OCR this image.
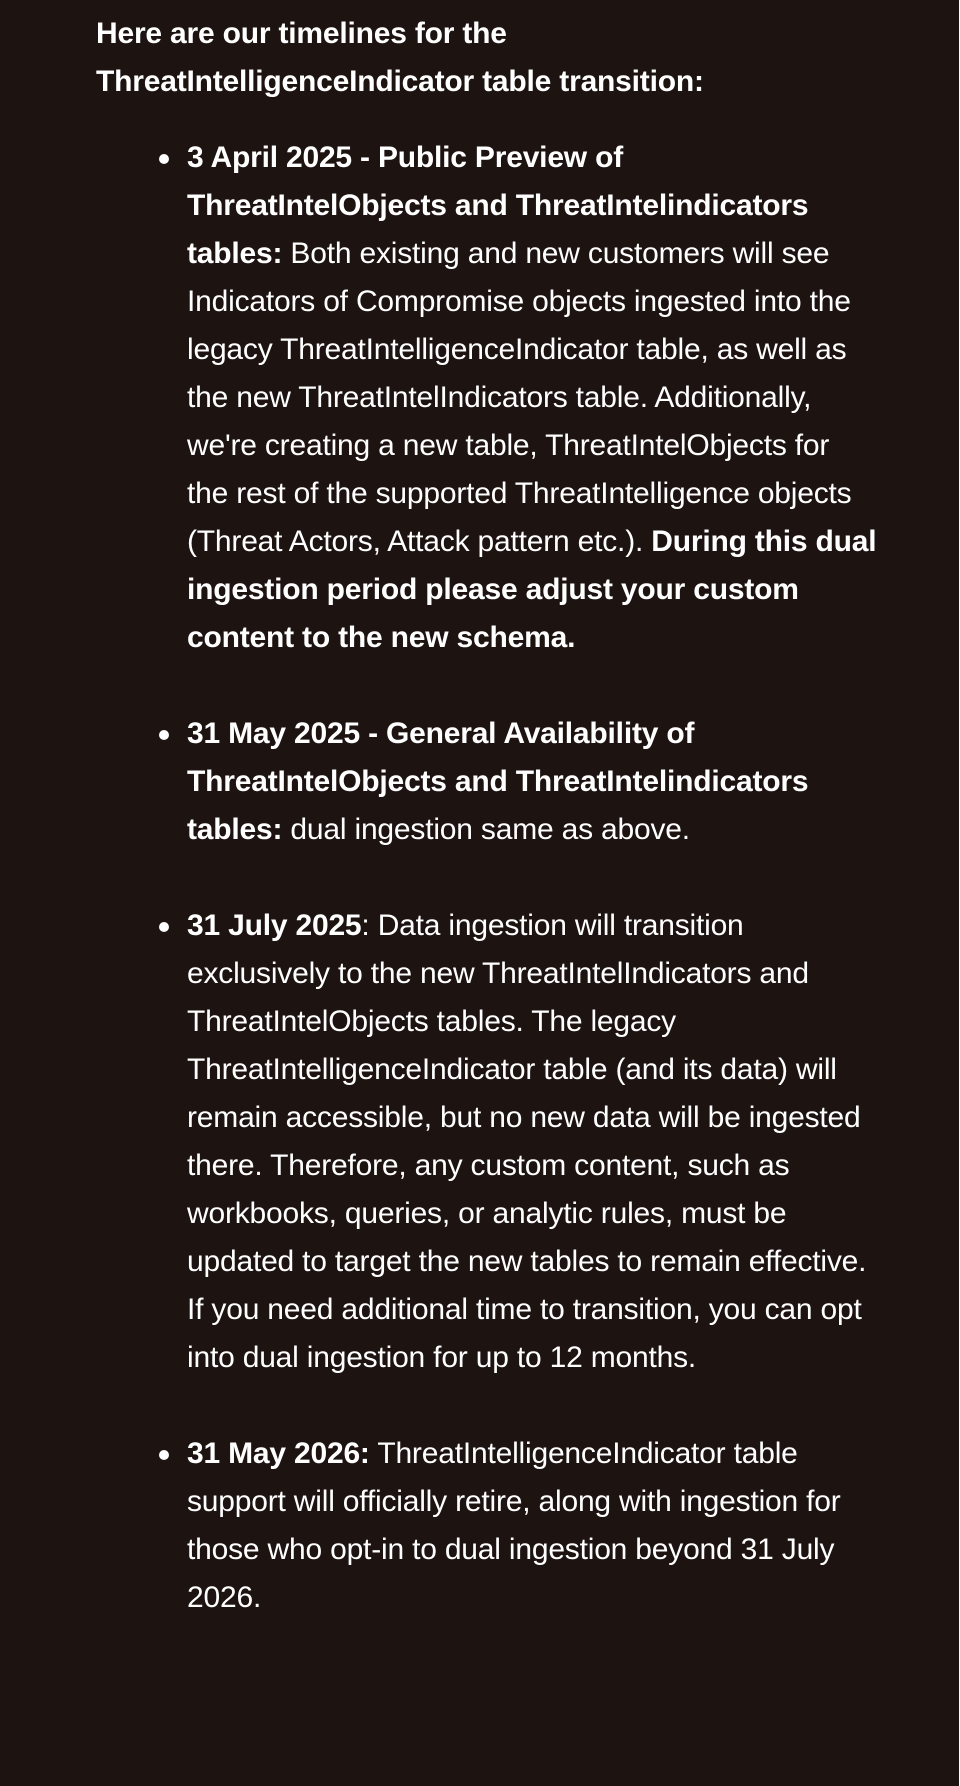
Here are our timelines for the
ThreatIntelligenceIndicator table transition:

3 April 2025 - Public Preview of ThreatIntelObjects and ThreatIntelindicators tables: Both existing and new customers will see Indicators of Compromise objects ingested into the legacy ThreatIntelligenceIndicator table, as well as the new ThreatIntelIndicators table. Additionally, we're creating a new table, ThreatIntelObjects for the rest of the supported ThreatIntelligence objects (Threat Actors, Attack pattern etc.). During this dual ingestion period please adjust your custom content to the new schema.
31 May 2025 - General Availability of ThreatIntelObjects and ThreatIntelindicators tables: dual ingestion same as above.
31 July 2025: Data ingestion will transition exclusively to the new ThreatIntelIndicators and ThreatIntelObjects tables. The legacy ThreatIntelligenceIndicator table (and its data) will remain accessible, but no new data will be ingested there. Therefore, any custom content, such as workbooks, queries, or analytic rules, must be updated to target the new tables to remain effective. If you need additional time to transition, you can opt into dual ingestion for up to 12 months.
31 May 2026: ThreatIntelligenceIndicator table support will officially retire, along with ingestion for those who opt-in to dual ingestion beyond 31 July 2026.
